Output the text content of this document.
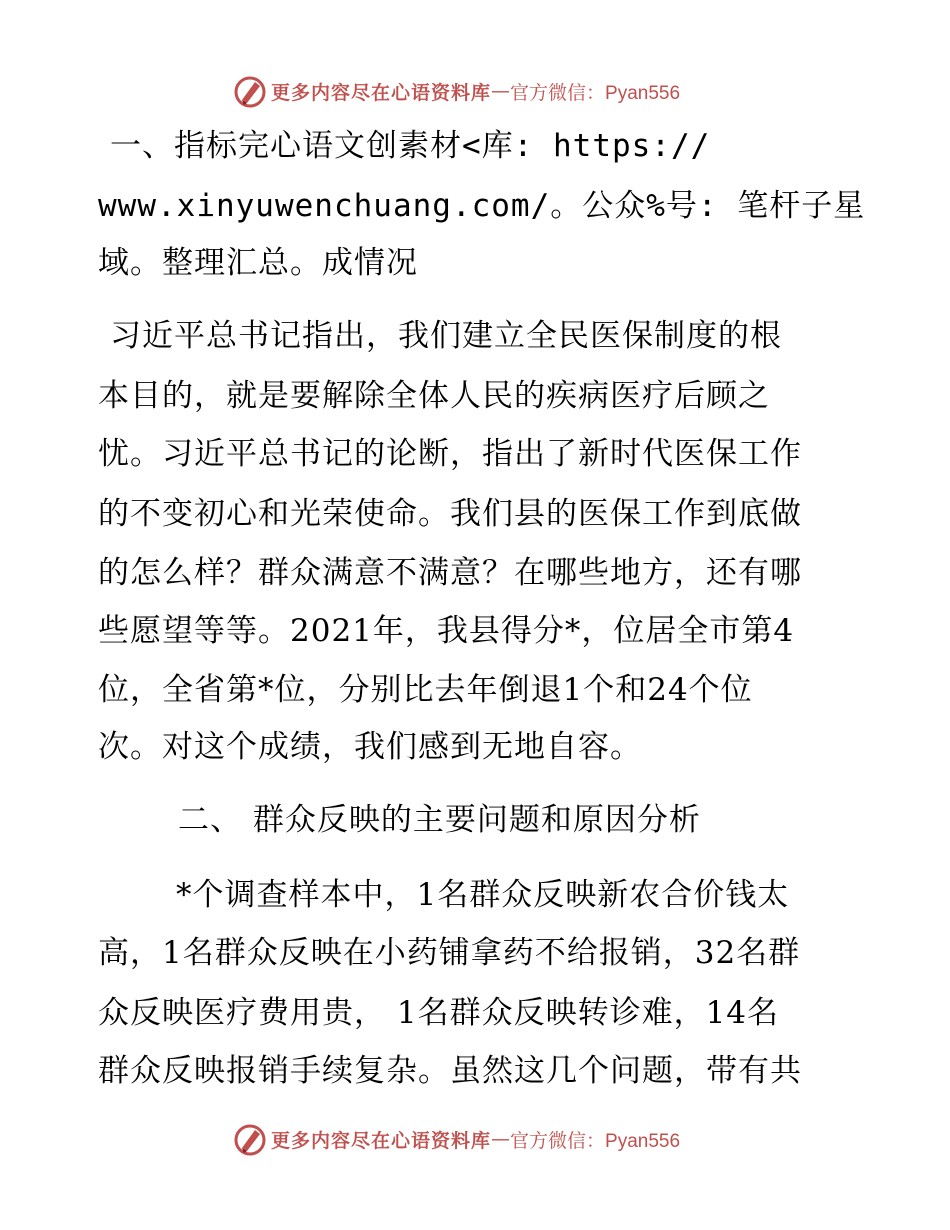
更多内容尽在心语资料库 — 官方微信：Pyan556
一、指标完心语文创素材<库: https://
www.xinyuwenchuang.com/。公众%号: 笔杆子星
域。整理汇总。成情况
习近平总书记指出，我们建立全民医保制度的根
本目的，就是要解除全体人民的疾病医疗后顾之
忧。习近平总书记的论断，指出了新时代医保工作
的不变初心和光荣使命。我们县的医保工作到底做
的怎么样？群众满意不满意？在哪些地方，还有哪
些愿望等等。2021年，我县得分*，位居全市第4
位，全省第*位，分别比去年倒退1个和24个位
次。对这个成绩，我们感到无地自容。
二、 群众反映的主要问题和原因分析
*个调查样本中，1名群众反映新农合价钱太
高，1名群众反映在小药铺拿药不给报销，32名群
众反映医疗费用贵， 1名群众反映转诊难，14名
群众反映报销手续复杂。虽然这几个问题，带有共
更多内容尽在心语资料库 — 官方微信：Pyan556
